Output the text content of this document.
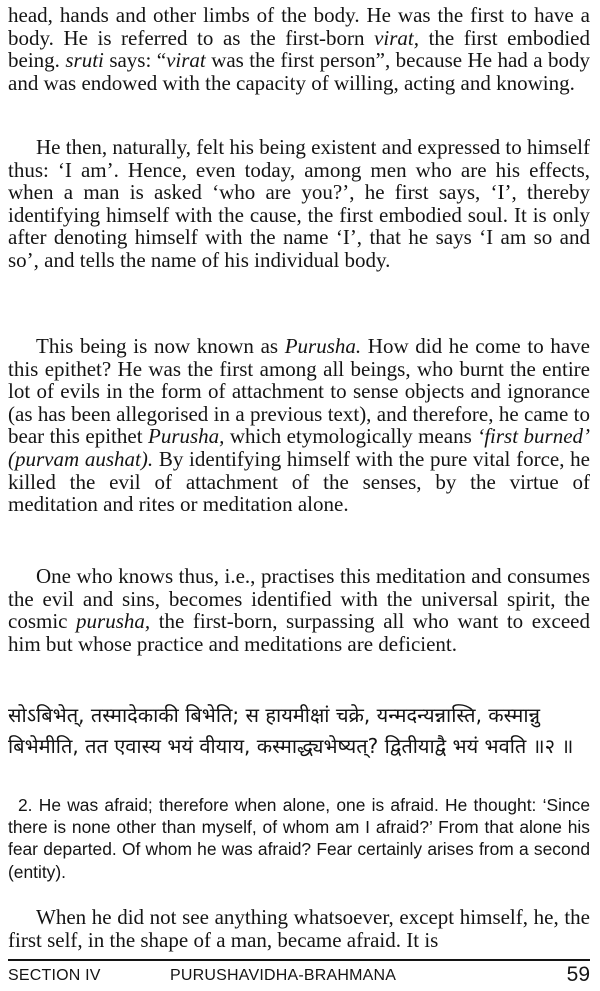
head, hands and other limbs of the body. He was the first to have a body. He is referred to as the first-born virat, the first embodied being. sruti says: “virat was the first person”, because He had a body and was endowed with the capacity of willing, acting and knowing.

He then, naturally, felt his being existent and expressed to himself thus: ‘I am’. Hence, even today, among men who are his effects, when a man is asked ‘who are you?’, he first says, ‘I’, thereby identifying himself with the cause, the first embodied soul. It is only after denoting himself with the name ‘I’, that he says ‘I am so and so’, and tells the name of his individual body.

This being is now known as Purusha. How did he come to have this epithet? He was the first among all beings, who burnt the entire lot of evils in the form of attachment to sense objects and ignorance (as has been allegorised in a previous text), and therefore, he came to bear this epithet Purusha, which etymologically means ‘first burned’ (purvam aushat). By identifying himself with the pure vital force, he killed the evil of attachment of the senses, by the virtue of meditation and rites or meditation alone.

One who knows thus, i.e., practises this meditation and consumes the evil and sins, becomes identified with the universal spirit, the cosmic purusha, the first-born, surpassing all who want to exceed him but whose practice and meditations are deficient.

सोऽबिभेत्, तस्मादेकाकी बिभेति; स हायमीक्षां चक्रे, यन्मदन्यन्नास्ति, कस्मान्नु बिभेमीति, तत एवास्य भयं वीयाय, कस्माद्ध्यभेष्यत्? द्वितीयाद्वै भयं भवति ॥२ ॥

2. He was afraid; therefore when alone, one is afraid. He thought: ‘Since there is none other than myself, of whom am I afraid?’ From that alone his fear departed. Of whom he was afraid? Fear certainly arises from a second (entity).

When he did not see anything whatsoever, except himself, he, the first self, in the shape of a man, became afraid. It is

SECTION IV	PURUSHAVIDHA-BRAHMANA	59
